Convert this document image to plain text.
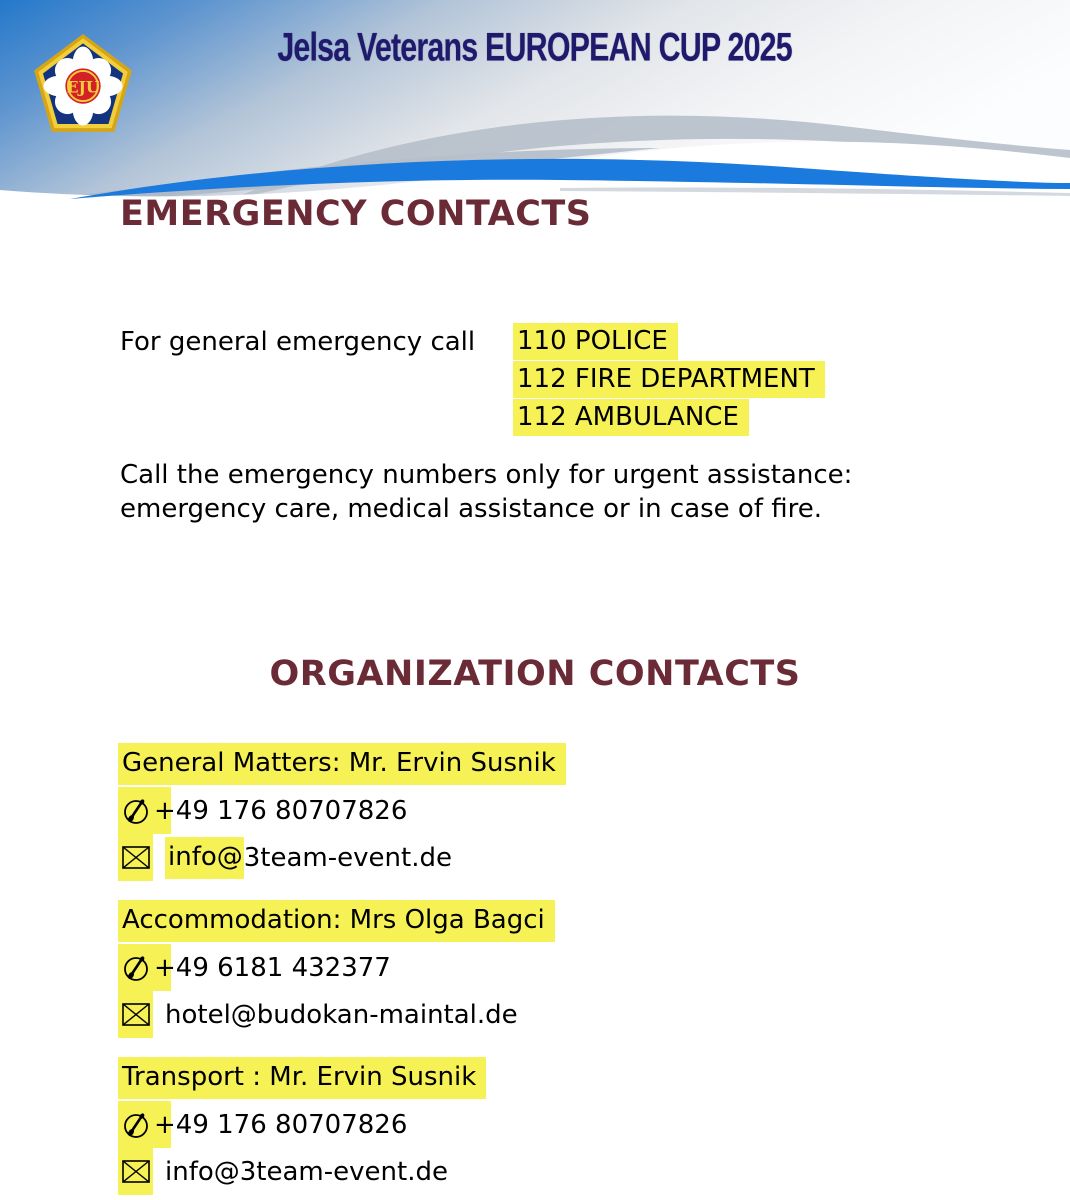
EJU
Jelsa Veterans EUROPEAN CUP 2025
EMERGENCY CONTACTS
For general emergency call 110 POLICE
112 FIRE DEPARTMENT
112 AMBULANCE
Call the emergency numbers only for urgent assistance:
emergency care, medical assistance or in case of fire.
ORGANIZATION CONTACTS

General Matters: Mr. Ervin Susnik

+49 176 80707826

info@ 3team-event.de

Accommodation: Mrs Olga Bagci

+49 6181 432377

hotel@budokan-maintal.de

Transport : Mr. Ervin Susnik

+49 176 80707826

info@3team-event.de
